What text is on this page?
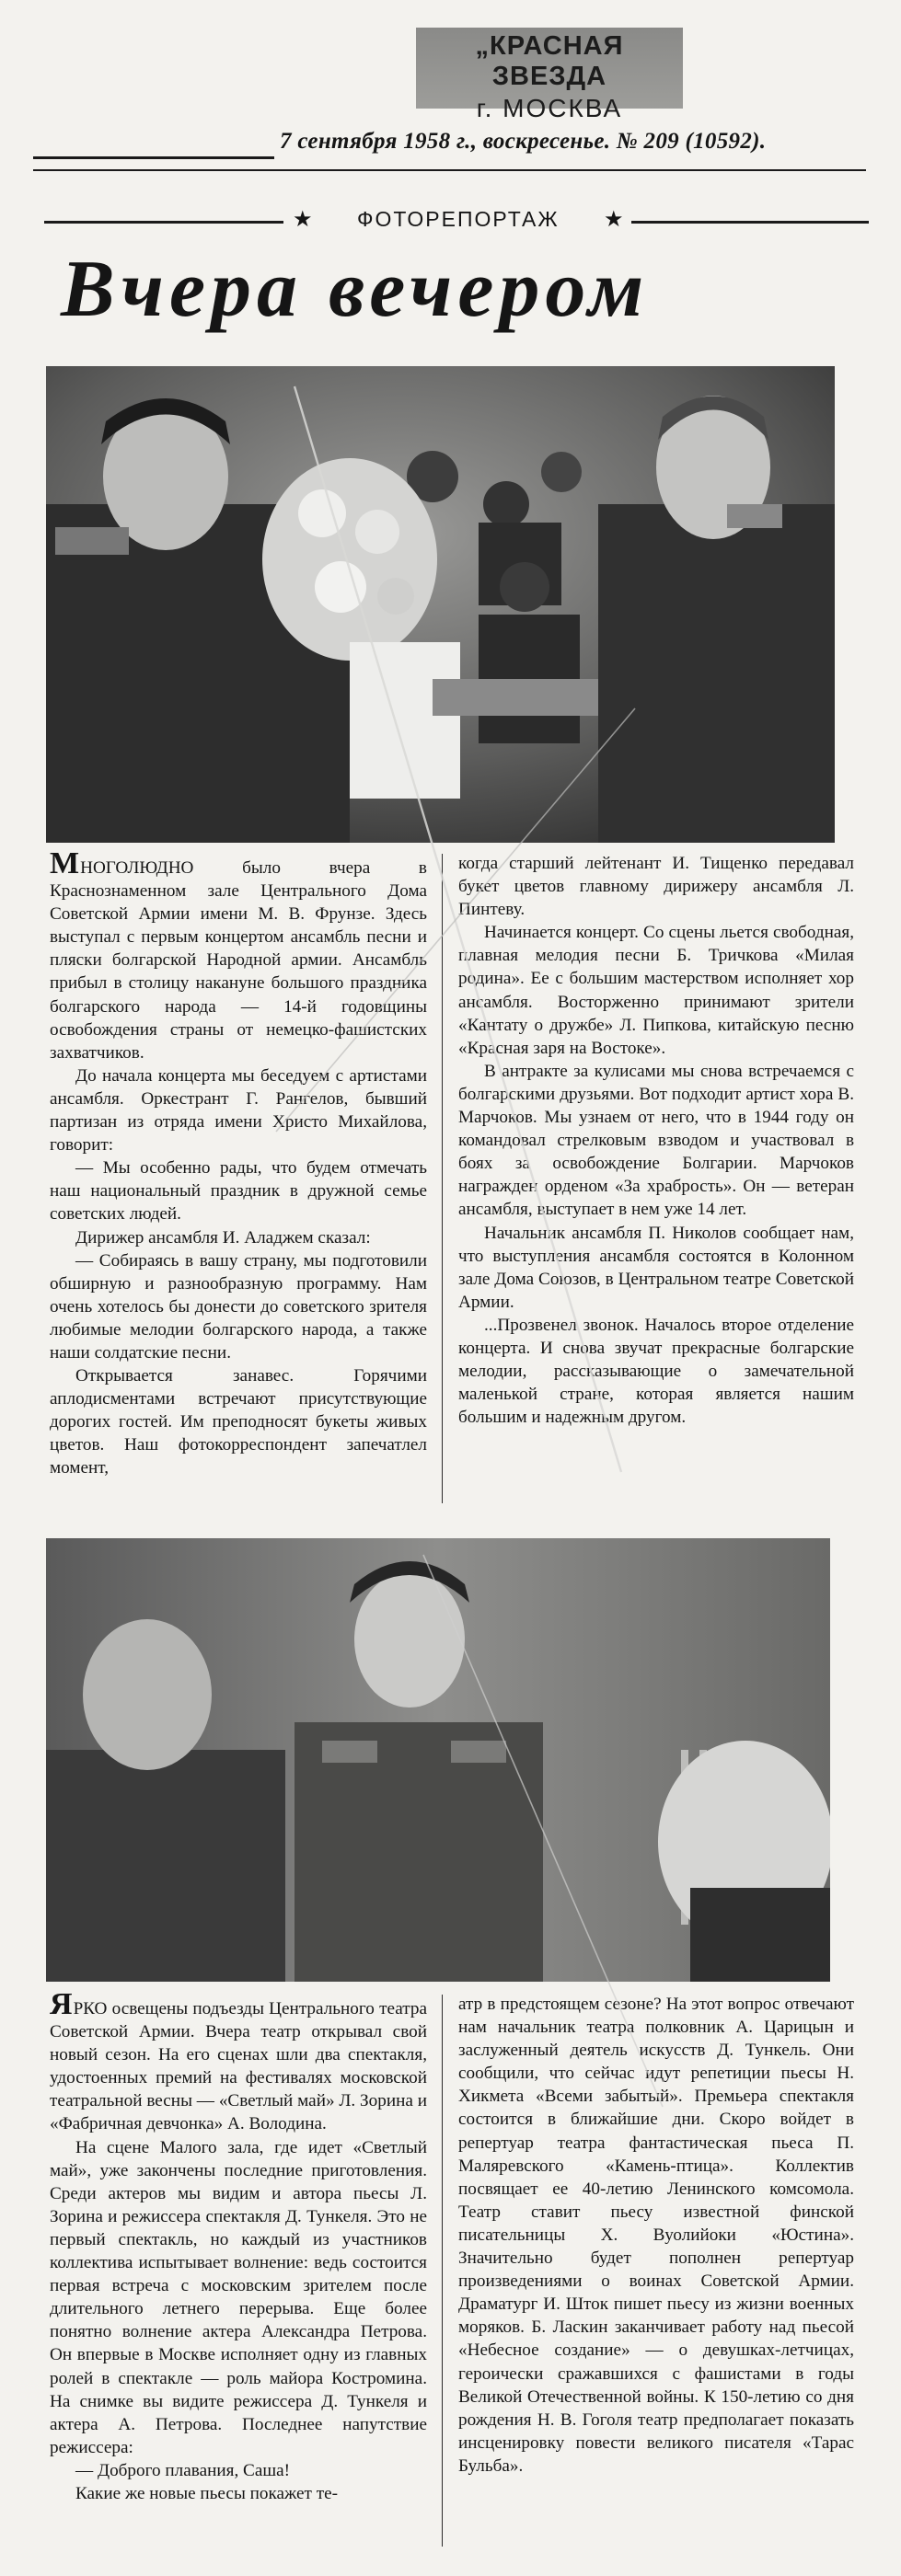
„КРАСНАЯ ЗВЕЗДА
г. МОСКВА
7 сентября 1958 г., воскресенье. № 209 (10592).
★ ФОТОРЕПОРТАЖ ★
Вчера вечером

МНОГОЛЮДНО было вчера в Краснознаменном зале Центрального Дома Советской Армии имени М. В. Фрунзе. Здесь выступал с первым концертом ансамбль песни и пляски болгарской Народной армии. Ансамбль прибыл в столицу накануне большого праздника болгарского народа — 14-й годовщины освобождения страны от немецко-фашистских захватчиков.

До начала концерта мы беседуем с артистами ансамбля. Оркестрант Г. Рангелов, бывший партизан из отряда имени Христо Михайлова, говорит:

— Мы особенно рады, что будем отмечать наш национальный праздник в дружной семье советских людей.

Дирижер ансамбля И. Аладжем сказал:

— Собираясь в вашу страну, мы подготовили обширную и разнообразную программу. Нам очень хотелось бы донести до советского зрителя любимые мелодии болгарского народа, а также наши солдатские песни.

Открывается занавес. Горячими аплодисментами встречают присутствующие дорогих гостей. Им преподносят букеты живых цветов. Наш фотокорреспондент запечатлел момент,

когда старший лейтенант И. Тищенко передавал букет цветов главному дирижеру ансамбля Л. Пинтеву.

Начинается концерт. Со сцены льется свободная, плавная мелодия песни Б. Тричкова «Милая родина». Ее с большим мастерством исполняет хор ансамбля. Восторженно принимают зрители «Кантату о дружбе» Л. Пипкова, китайскую песню «Красная заря на Востоке».

В антракте за кулисами мы снова встречаемся с болгарскими друзьями. Вот подходит артист хора В. Марчоков. Мы узнаем от него, что в 1944 году он командовал стрелковым взводом и участвовал в боях за освобождение Болгарии. Марчоков награжден орденом «За храбрость». Он — ветеран ансамбля, выступает в нем уже 14 лет.

Начальник ансамбля П. Николов сообщает нам, что выступления ансамбля состоятся в Колонном зале Дома Союзов, в Центральном театре Советской Армии.

...Прозвенел звонок. Началось второе отделение концерта. И снова звучат прекрасные болгарские мелодии, рассказывающие о замечательной маленькой стране, которая является нашим большим и надежным другом.

ЯРКО освещены подъезды Центрального театра Советской Армии. Вчера театр открывал свой новый сезон. На его сценах шли два спектакля, удостоенных премий на фестивалях московской театральной весны — «Светлый май» Л. Зорина и «Фабричная девчонка» А. Володина.

На сцене Малого зала, где идет «Светлый май», уже закончены последние приготовления. Среди актеров мы видим и автора пьесы Л. Зорина и режиссера спектакля Д. Тункеля. Это не первый спектакль, но каждый из участников коллектива испытывает волнение: ведь состоится первая встреча с московским зрителем после длительного летнего перерыва. Еще более понятно волнение актера Александра Петрова. Он впервые в Москве исполняет одну из главных ролей в спектакле — роль майора Костромина. На снимке вы видите режиссера Д. Тункеля и актера А. Петрова. Последнее напутствие режиссера:

— Доброго плавания, Саша!

Какие же новые пьесы покажет те-

атр в предстоящем сезоне? На этот вопрос отвечают нам начальник театра полковник А. Царицын и заслуженный деятель искусств Д. Тункель. Они сообщили, что сейчас идут репетиции пьесы Н. Хикмета «Всеми забытый». Премьера спектакля состоится в ближайшие дни. Скоро войдет в репертуар театра фантастическая пьеса П. Маляревского «Камень-птица». Коллектив посвящает ее 40-летию Ленинского комсомола. Театр ставит пьесу известной финской писательницы Х. Вуолийоки «Юстина». Значительно будет пополнен репертуар произведениями о воинах Советской Армии. Драматург И. Шток пишет пьесу из жизни военных моряков. Б. Ласкин заканчивает работу над пьесой «Небесное создание» — о девушках-летчицах, героически сражавшихся с фашистами в годы Великой Отечественной войны. К 150-летию со дня рождения Н. В. Гоголя театр предполагает показать инсценировку повести великого писателя «Тарас Бульба».
